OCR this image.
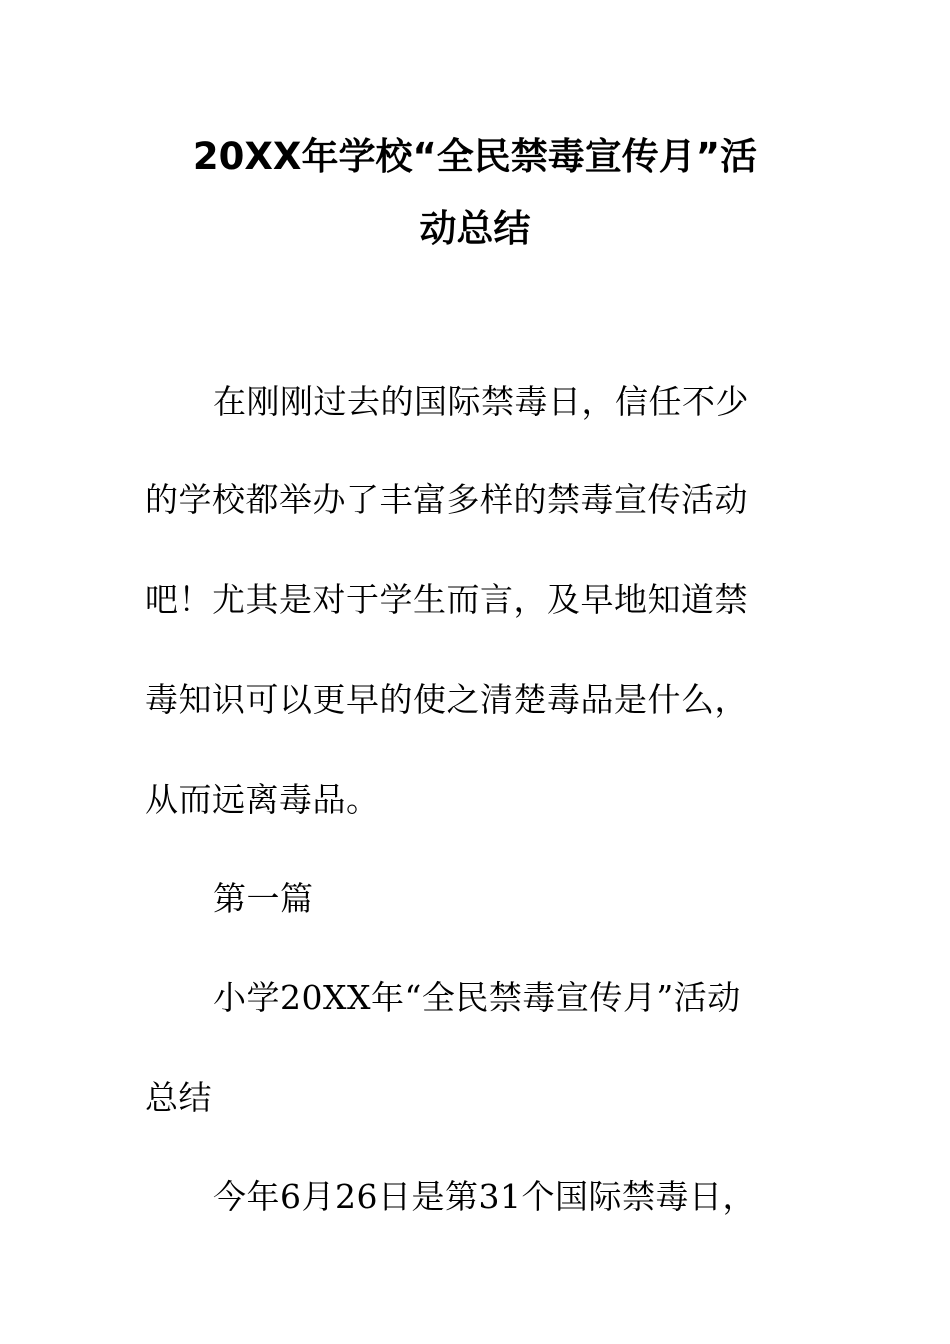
20XX年学校“全民禁毒宣传月”活
动总结
在刚刚过去的国际禁毒日，信任不少
的学校都举办了丰富多样的禁毒宣传活动
吧！尤其是对于学生而言，及早地知道禁
毒知识可以更早的使之清楚毒品是什么，
从而远离毒品。
第一篇
小学20XX年“全民禁毒宣传月”活动
总结
今年6月26日是第31个国际禁毒日，
